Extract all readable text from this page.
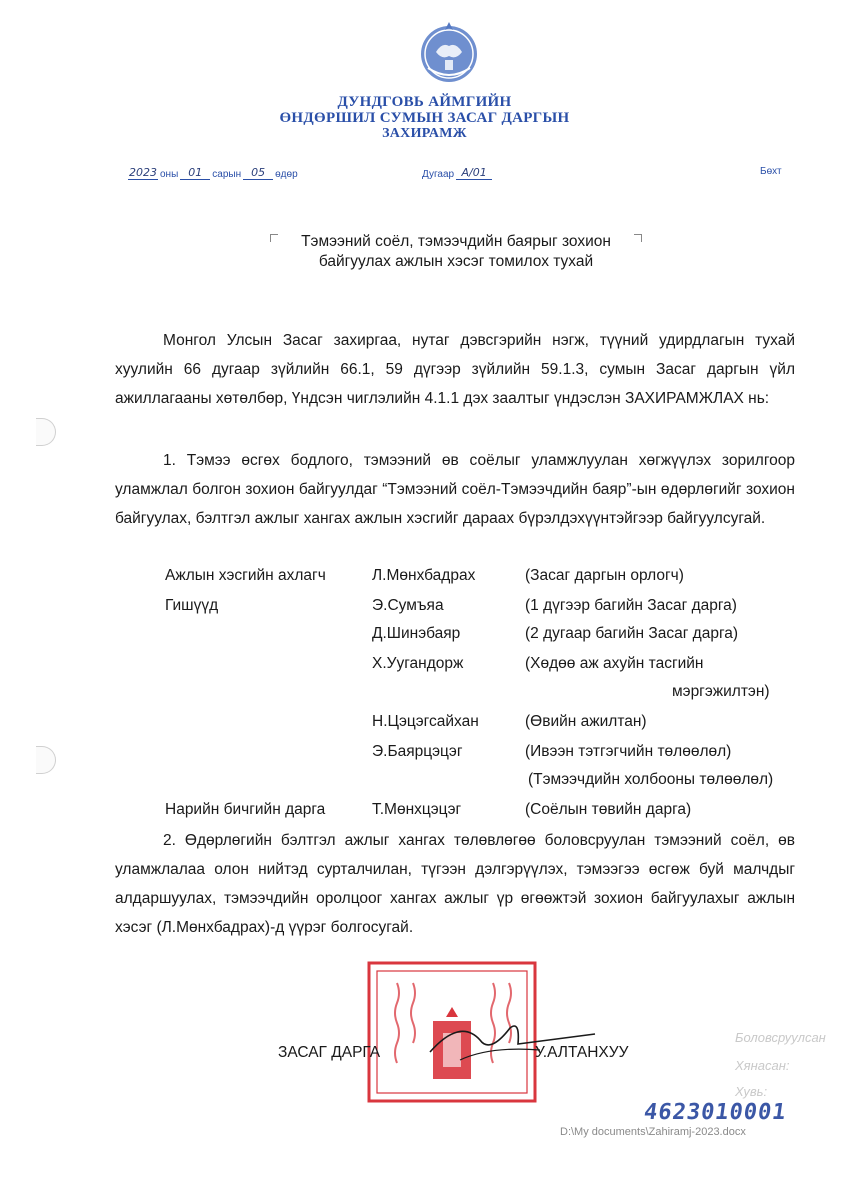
ДУНДГОВЬ АЙМГИЙН
ӨНДӨРШИЛ СУМЫН ЗАСАГ ДАРГЫН
ЗАХИРАМЖ
2023 оны 01	сарын 05	өдөр	Дугаар А/01	Бөхт
Тэмээний соёл, тэмээчдийн баярыг зохион
байгуулах ажлын хэсэг томилох тухай
Монгол Улсын Засаг захиргаа, нутаг дэвсгэрийн нэгж, түүний удирдлагын тухай хуулийн 66 дугаар зүйлийн 66.1, 59 дүгээр зүйлийн 59.1.3, сумын Засаг даргын үйл ажиллагааны хөтөлбөр, Үндсэн чиглэлийн 4.1.1 дэх заалтыг үндэслэн ЗАХИРАМЖЛАХ нь:
1. Тэмээ өсгөх бодлого, тэмээний өв соёлыг уламжлуулан хөгжүүлэх зорилгоор уламжлал болгон зохион байгуулдаг “Тэмээний соёл-Тэмээчдийн баяр”-ын өдөрлөгийг зохион байгуулах, бэлтгэл ажлыг хангах ажлын хэсгийг дараах бүрэлдэхүүнтэйгээр байгуулсугай.
Ажлын хэсгийн ахлагч	Л.Мөнхбадрах	(Засаг даргын орлогч)
Гишүүд	Э.Сумъяа	(1 дүгээр багийн Засаг дарга)
Д.Шинэбаяр	(2 дугаар багийн Засаг дарга)
Х.Уугандорж	(Хөдөө аж ахуйн тасгийн
мэргэжилтэн)
Н.Цэцэгсайхан	(Өвийн ажилтан)
Э.Баярцэцэг	(Ивээн тэтгэгчийн төлөөлөл)
(Тэмээчдийн холбооны төлөөлөл)
Нарийн бичгийн дарга	Т.Мөнхцэцэг	(Соёлын төвийн дарга)
2. Өдөрлөгийн бэлтгэл ажлыг хангах төлөвлөгөө боловсруулан тэмээний соёл, өв уламжлалаа олон нийтэд сурталчилан, түгээн дэлгэрүүлэх, тэмээгээ өсгөж буй малчдыг алдаршуулах, тэмээчдийн оролцоог хангах ажлыг үр өгөөжтэй зохион байгуулахыг ажлын хэсэг (Л.Мөнхбадрах)-д үүрэг болгосугай.
ЗАСАГ ДАРГА	У.АЛТАНХУУ
Боловсруулсан
Хянасан:
Хувь:
4623010001
D:\My documents\Zahiramj-2023.docx
